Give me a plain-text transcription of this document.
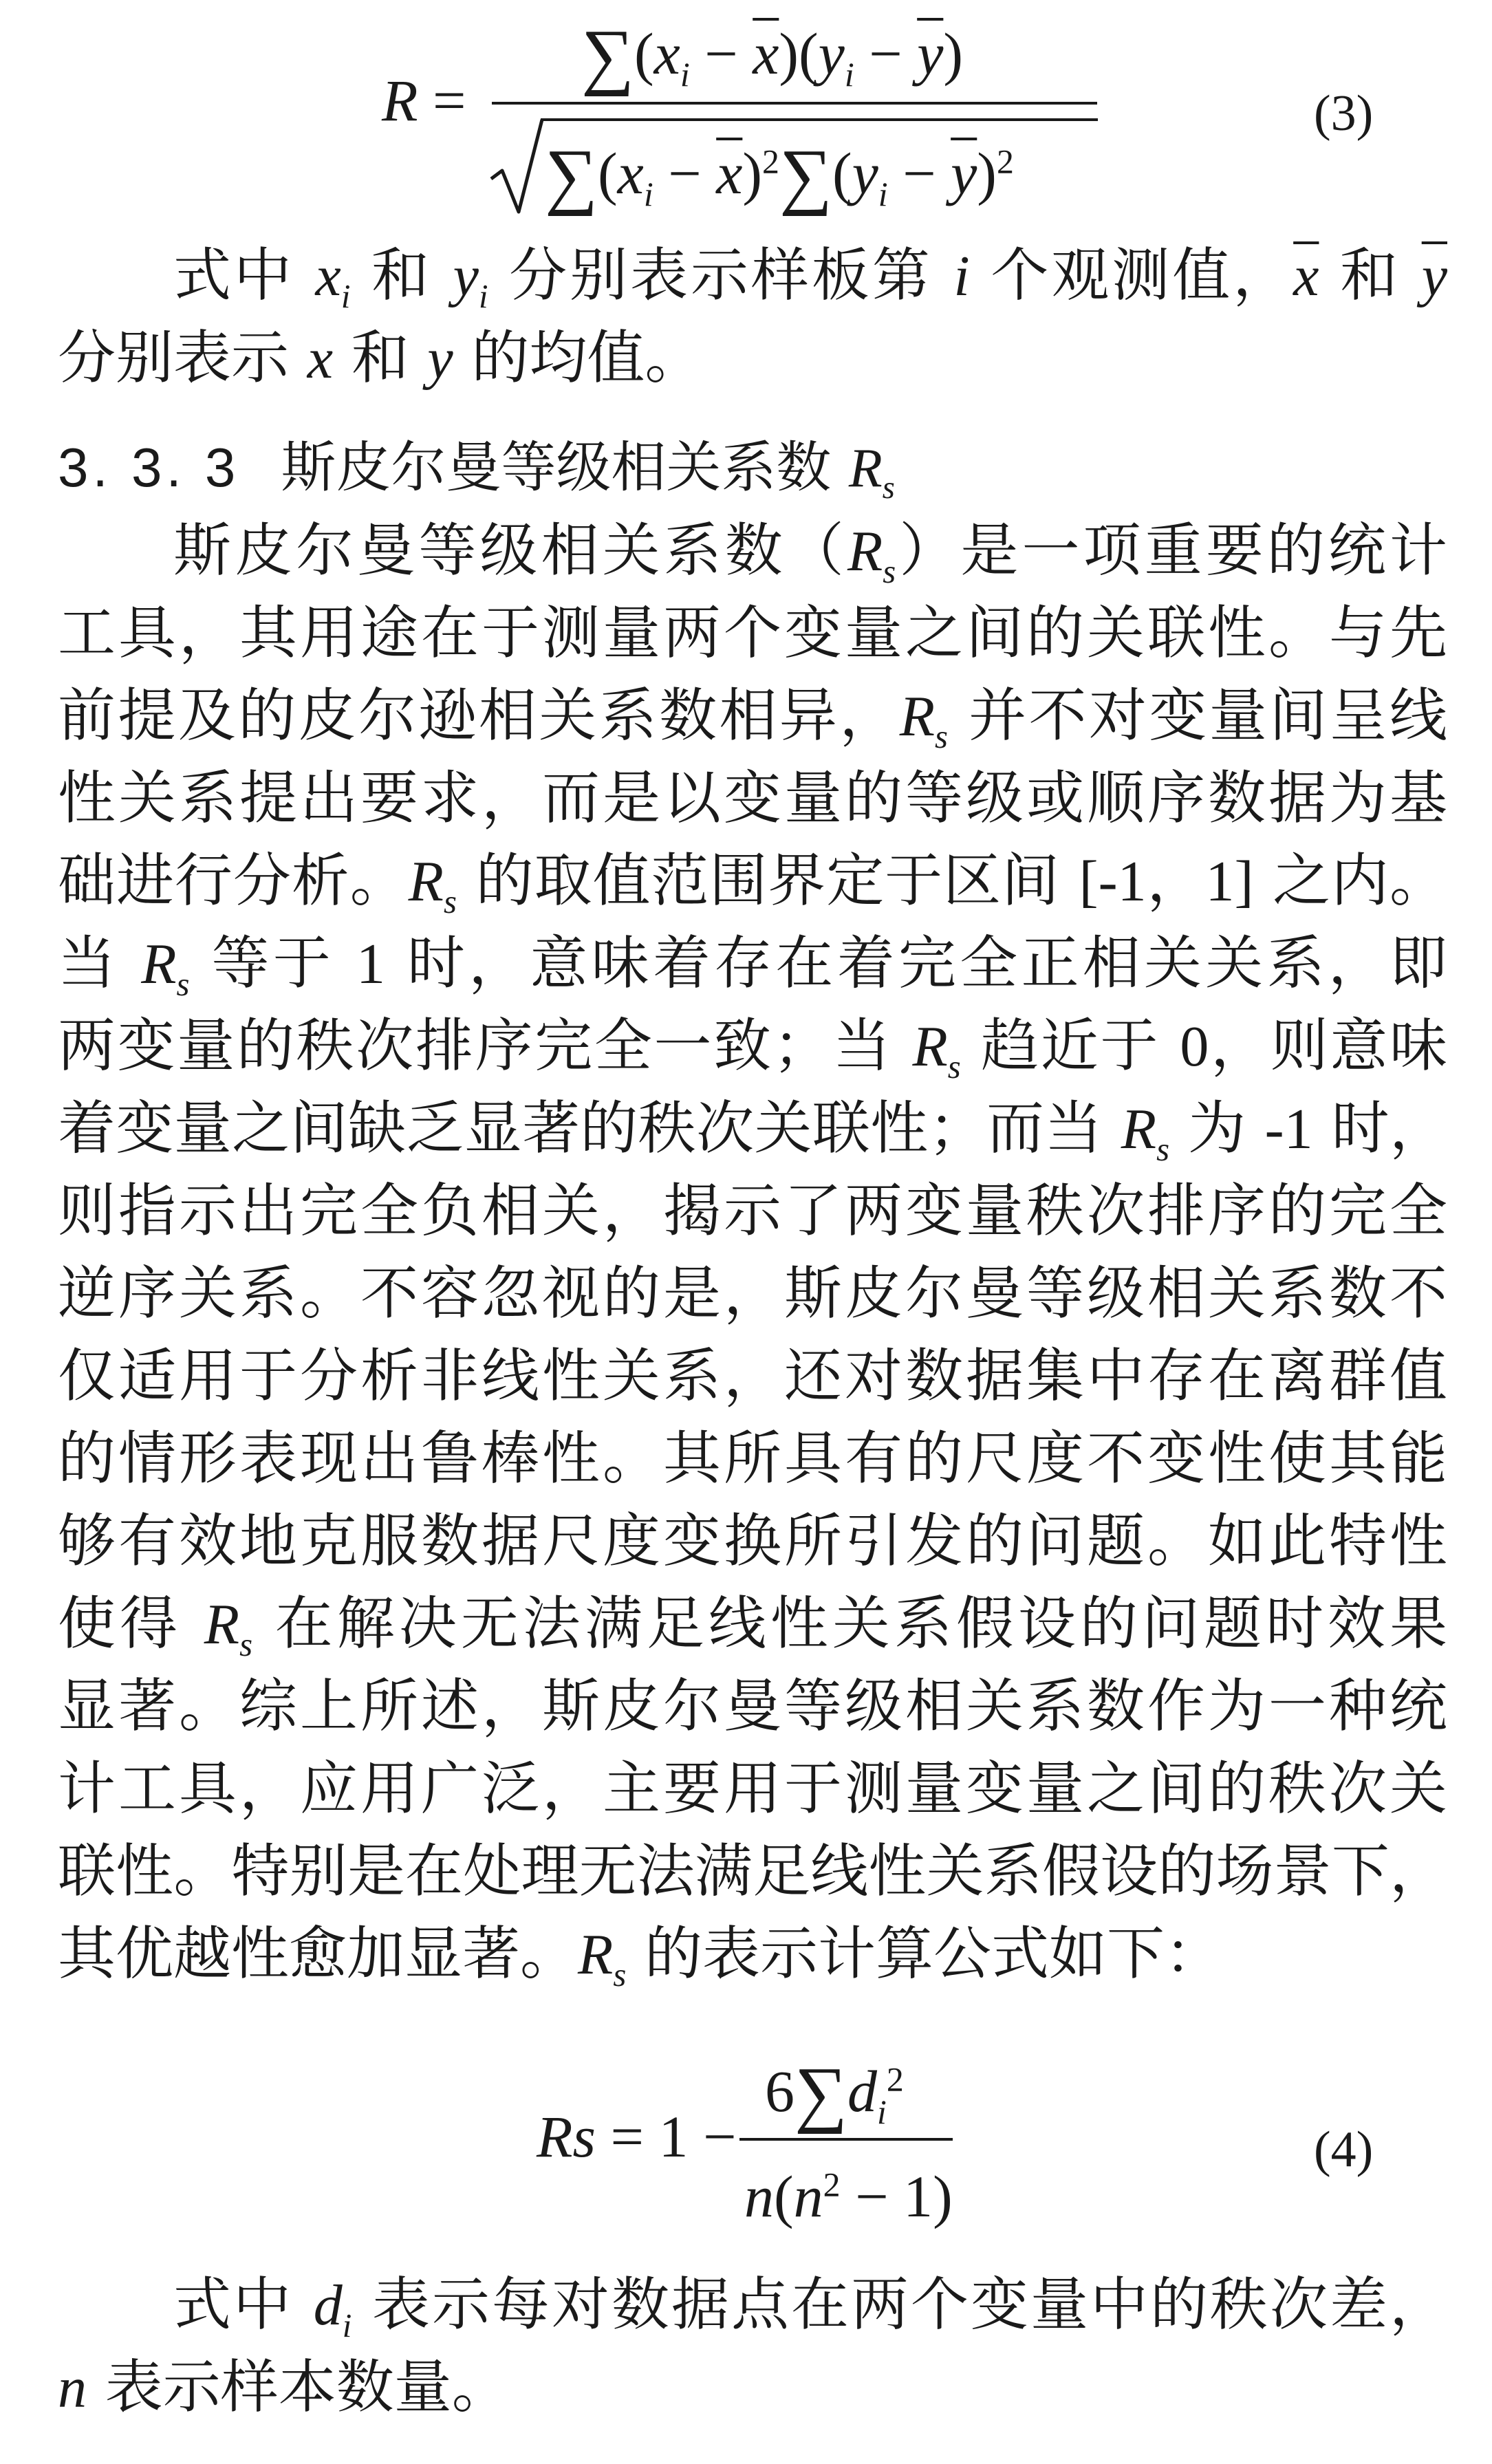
R =
$\sum(x_i - \overline{x})(y_i - \overline{y})$
$\sum(x_i - \overline{x})^2\sum(y_i - \overline{y})^2$
(3)
式中 $x_i$ 和 $y_i$ 分别表示样板第 i 个观测值，$\overline{x}$ 和 $\overline{y}$
分别表示 x 和 y 的均值。
3. 3. 3 斯皮尔曼等级相关系数 $R_s$
斯皮尔曼等级相关系数$(R_s)$是一项重要的统计
工具，其用途在于测量两个变量之间的关联性。与先
前提及的皮尔逊相关系数相异，$R_s$ 并不对变量间呈线
性关系提出要求，而是以变量的等级或顺序数据为基
础进行分析。$R_s$ 的取值范围界定于区间 [-1，1] 之内。
当 $R_s$ 等于 1 时，意味着存在着完全正相关关系，即
两变量的秩次排序完全一致；当 $R_s$ 趋近于 0，则意味
着变量之间缺乏显著的秩次关联性；而当 $R_s$ 为 -1 时，
则指示出完全负相关，揭示了两变量秩次排序的完全
逆序关系。不容忽视的是，斯皮尔曼等级相关系数不
仅适用于分析非线性关系，还对数据集中存在离群值
的情形表现出鲁棒性。其所具有的尺度不变性使其能
够有效地克服数据尺度变换所引发的问题。如此特性
使得 $R_s$ 在解决无法满足线性关系假设的问题时效果
显著。综上所述，斯皮尔曼等级相关系数作为一种统
计工具，应用广泛，主要用于测量变量之间的秩次关
联性。特别是在处理无法满足线性关系假设的场景下，
其优越性愈加显著。$R_s$ 的表示计算公式如下：
Rs = 1 −
$6\sum d_i^2$
$n(n^2 - 1)$
(4)
式中 $d_i$ 表示每对数据点在两个变量中的秩次差，
n 表示样本数量。
